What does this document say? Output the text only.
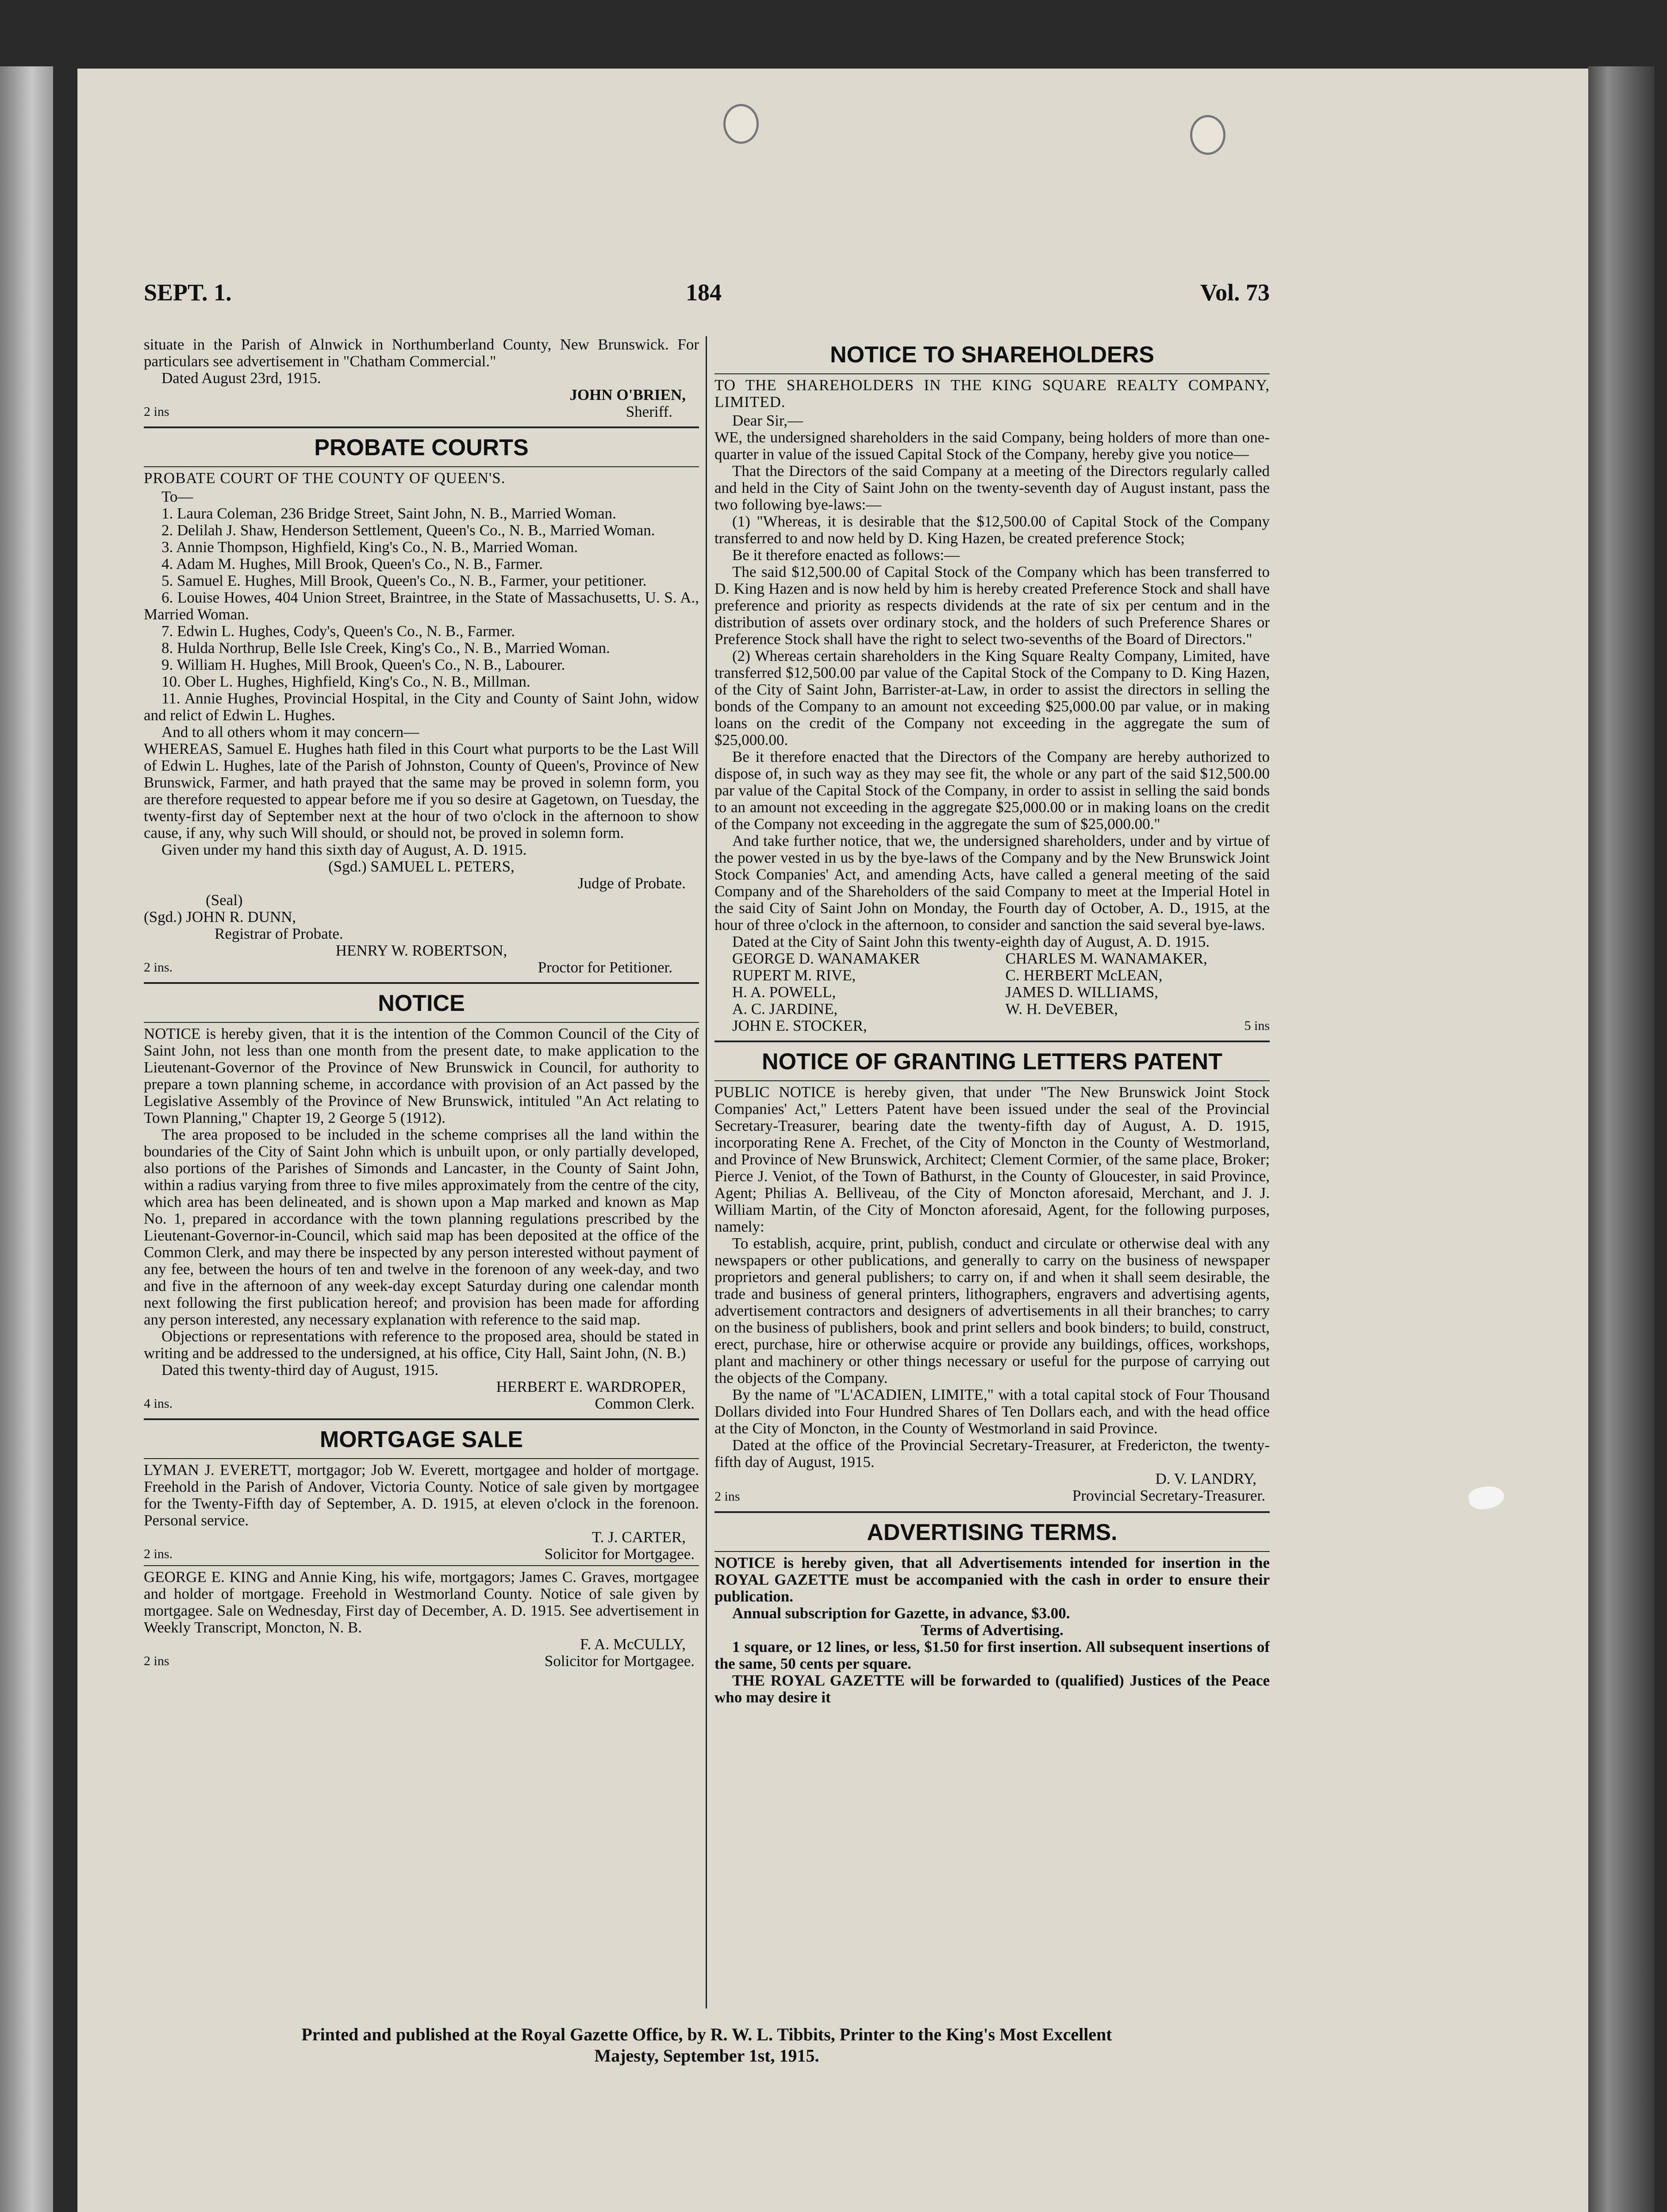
SEPT. 1.	184	Vol. 73

situate in the Parish of Alnwick in Northumberland County, New Brunswick. For particulars see advertisement in "Chatham Commercial."

Dated August 23rd, 1915.

JOHN O'BRIEN,

2 ins	Sheriff.

PROBATE COURTS

PROBATE COURT OF THE COUNTY OF QUEEN'S.

To—

1. Laura Coleman, 236 Bridge Street, Saint John, N. B., Married Woman.

2. Delilah J. Shaw, Henderson Settlement, Queen's Co., N. B., Married Woman.

3. Annie Thompson, Highfield, King's Co., N. B., Married Woman.

4. Adam M. Hughes, Mill Brook, Queen's Co., N. B., Farmer.

5. Samuel E. Hughes, Mill Brook, Queen's Co., N. B., Farmer, your petitioner.

6. Louise Howes, 404 Union Street, Braintree, in the State of Massachusetts, U. S. A., Married Woman.

7. Edwin L. Hughes, Cody's, Queen's Co., N. B., Farmer.

8. Hulda Northrup, Belle Isle Creek, King's Co., N. B., Married Woman.

9. William H. Hughes, Mill Brook, Queen's Co., N. B., Labourer.

10. Ober L. Hughes, Highfield, King's Co., N. B., Millman.

11. Annie Hughes, Provincial Hospital, in the City and County of Saint John, widow and relict of Edwin L. Hughes.

And to all others whom it may concern—

WHEREAS, Samuel E. Hughes hath filed in this Court what purports to be the Last Will of Edwin L. Hughes, late of the Parish of Johnston, County of Queen's, Province of New Brunswick, Farmer, and hath prayed that the same may be proved in solemn form, you are therefore requested to appear before me if you so desire at Gagetown, on Tuesday, the twenty-first day of September next at the hour of two o'clock in the afternoon to show cause, if any, why such Will should, or should not, be proved in solemn form.

Given under my hand this sixth day of August, A. D. 1915.

(Sgd.) SAMUEL L. PETERS,

Judge of Probate.

(Seal)

(Sgd.) JOHN R. DUNN,

Registrar of Probate.

HENRY W. ROBERTSON,

2 ins.	Proctor for Petitioner.

NOTICE

NOTICE is hereby given, that it is the intention of the Common Council of the City of Saint John, not less than one month from the present date, to make application to the Lieutenant-Governor of the Province of New Brunswick in Council, for authority to prepare a town planning scheme, in accordance with provision of an Act passed by the Legislative Assembly of the Province of New Brunswick, intituled "An Act relating to Town Planning," Chapter 19, 2 George 5 (1912).

The area proposed to be included in the scheme comprises all the land within the boundaries of the City of Saint John which is unbuilt upon, or only partially developed, also portions of the Parishes of Simonds and Lancaster, in the County of Saint John, within a radius varying from three to five miles approximately from the centre of the city, which area has been delineated, and is shown upon a Map marked and known as Map No. 1, prepared in accordance with the town planning regulations prescribed by the Lieutenant-Governor-in-Council, which said map has been deposited at the office of the Common Clerk, and may there be inspected by any person interested without payment of any fee, between the hours of ten and twelve in the forenoon of any week-day, and two and five in the afternoon of any week-day except Saturday during one calendar month next following the first publication hereof; and provision has been made for affording any person interested, any necessary explanation with reference to the said map.

Objections or representations with reference to the proposed area, should be stated in writing and be addressed to the undersigned, at his office, City Hall, Saint John, (N. B.)

Dated this twenty-third day of August, 1915.

HERBERT E. WARDROPER,

4 ins.	Common Clerk.

MORTGAGE SALE

LYMAN J. EVERETT, mortgagor; Job W. Everett, mortgagee and holder of mortgage. Freehold in the Parish of Andover, Victoria County. Notice of sale given by mortgagee for the Twenty-Fifth day of September, A. D. 1915, at eleven o'clock in the forenoon. Personal service.

T. J. CARTER,

2 ins.	Solicitor for Mortgagee.

GEORGE E. KING and Annie King, his wife, mortgagors; James C. Graves, mortgagee and holder of mortgage. Freehold in Westmorland County. Notice of sale given by mortgagee. Sale on Wednesday, First day of December, A. D. 1915. See advertisement in Weekly Transcript, Moncton, N. B.

F. A. McCULLY,

2 ins	Solicitor for Mortgagee.

NOTICE TO SHAREHOLDERS

TO THE SHAREHOLDERS IN THE KING SQUARE REALTY COMPANY, LIMITED.

Dear Sir,—

WE, the undersigned shareholders in the said Company, being holders of more than one-quarter in value of the issued Capital Stock of the Company, hereby give you notice—

That the Directors of the said Company at a meeting of the Directors regularly called and held in the City of Saint John on the twenty-seventh day of August instant, pass the two following bye-laws:—

(1) "Whereas, it is desirable that the $12,500.00 of Capital Stock of the Company transferred to and now held by D. King Hazen, be created preference Stock;

Be it therefore enacted as follows:—

The said $12,500.00 of Capital Stock of the Company which has been transferred to D. King Hazen and is now held by him is hereby created Preference Stock and shall have preference and priority as respects dividends at the rate of six per centum and in the distribution of assets over ordinary stock, and the holders of such Preference Shares or Preference Stock shall have the right to select two-sevenths of the Board of Directors."

(2) Whereas certain shareholders in the King Square Realty Company, Limited, have transferred $12,500.00 par value of the Capital Stock of the Company to D. King Hazen, of the City of Saint John, Barrister-at-Law, in order to assist the directors in selling the bonds of the Company to an amount not exceeding $25,000.00 par value, or in making loans on the credit of the Company not exceeding in the aggregate the sum of $25,000.00.

Be it therefore enacted that the Directors of the Company are hereby authorized to dispose of, in such way as they may see fit, the whole or any part of the said $12,500.00 par value of the Capital Stock of the Company, in order to assist in selling the said bonds to an amount not exceeding in the aggregate $25,000.00 or in making loans on the credit of the Company not exceeding in the aggregate the sum of $25,000.00."

And take further notice, that we, the undersigned shareholders, under and by virtue of the power vested in us by the bye-laws of the Company and by the New Brunswick Joint Stock Companies' Act, and amending Acts, have called a general meeting of the said Company and of the Shareholders of the said Company to meet at the Imperial Hotel in the said City of Saint John on Monday, the Fourth day of October, A. D., 1915, at the hour of three o'clock in the afternoon, to consider and sanction the said several bye-laws.

Dated at the City of Saint John this twenty-eighth day of August, A. D. 1915.

GEORGE D. WANAMAKER	CHARLES M. WANAMAKER,
RUPERT M. RIVE,	C. HERBERT McLEAN,
H. A. POWELL,	JAMES D. WILLIAMS,
A. C. JARDINE,	W. H. DeVEBER,
JOHN E. STOCKER,	5 ins
NOTICE OF GRANTING LETTERS PATENT

PUBLIC NOTICE is hereby given, that under "The New Brunswick Joint Stock Companies' Act," Letters Patent have been issued under the seal of the Provincial Secretary-Treasurer, bearing date the twenty-fifth day of August, A. D. 1915, incorporating Rene A. Frechet, of the City of Moncton in the County of Westmorland, and Province of New Brunswick, Architect; Clement Cormier, of the same place, Broker; Pierce J. Veniot, of the Town of Bathurst, in the County of Gloucester, in said Province, Agent; Philias A. Belliveau, of the City of Moncton aforesaid, Merchant, and J. J. William Martin, of the City of Moncton aforesaid, Agent, for the following purposes, namely:

To establish, acquire, print, publish, conduct and circulate or otherwise deal with any newspapers or other publications, and generally to carry on the business of newspaper proprietors and general publishers; to carry on, if and when it shall seem desirable, the trade and business of general printers, lithographers, engravers and advertising agents, advertisement contractors and designers of advertisements in all their branches; to carry on the business of publishers, book and print sellers and book binders; to build, construct, erect, purchase, hire or otherwise acquire or provide any buildings, offices, workshops, plant and machinery or other things necessary or useful for the purpose of carrying out the objects of the Company.

By the name of "L'ACADIEN, LIMITE," with a total capital stock of Four Thousand Dollars divided into Four Hundred Shares of Ten Dollars each, and with the head office at the City of Moncton, in the County of Westmorland in said Province.

Dated at the office of the Provincial Secretary-Treasurer, at Fredericton, the twenty-fifth day of August, 1915.

D. V. LANDRY,

2 ins	Provincial Secretary-Treasurer.

ADVERTISING TERMS.

NOTICE is hereby given, that all Advertisements intended for insertion in the ROYAL GAZETTE must be accompanied with the cash in order to ensure their publication.

Annual subscription for Gazette, in advance, $3.00.

Terms of Advertising.

1 square, or 12 lines, or less, $1.50 for first insertion. All subsequent insertions of the same, 50 cents per square.

THE ROYAL GAZETTE will be forwarded to (qualified) Justices of the Peace who may desire it

Printed and published at the Royal Gazette Office, by R. W. L. Tibbits, Printer to the King's Most Excellent
Majesty, September 1st, 1915.
